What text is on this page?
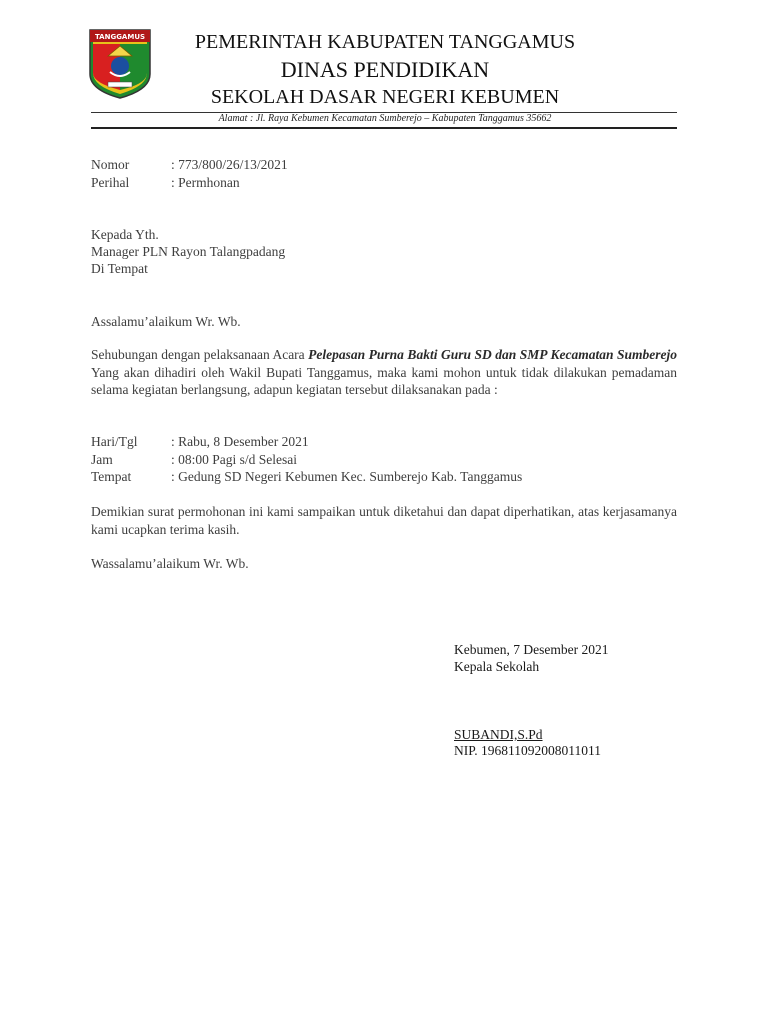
TANGGAMUS	PEMERINTAH KABUPATEN TANGGAMUS
DINAS PENDIDIKAN
SEKOLAH DASAR NEGERI KEBUMEN
Alamat : Jl. Raya Kebumen Kecamatan Sumberejo – Kabupaten Tanggamus 35662
Nomor	: 773/800/26/13/2021
Perihal	: Permhonan
Kepada Yth.
Manager PLN Rayon Talangpadang
Di Tempat
Assalamu’alaikum Wr. Wb.
Sehubungan dengan pelaksanaan Acara Pelepasan Purna Bakti Guru SD dan SMP Kecamatan Sumberejo Yang akan dihadiri oleh Wakil Bupati Tanggamus, maka kami mohon untuk tidak dilakukan pemadaman selama kegiatan berlangsung, adapun kegiatan tersebut dilaksanakan pada :
Hari/Tgl : Rabu, 8 Desember 2021
Jam	: 08:00 Pagi s/d Selesai
Tempat	: Gedung SD Negeri Kebumen Kec. Sumberejo Kab. Tanggamus
Demikian surat permohonan ini kami sampaikan untuk diketahui dan dapat diperhatikan, atas kerjasamanya kami ucapkan terima kasih.
Wassalamu’alaikum Wr. Wb.
Kebumen, 7 Desember 2021
Kepala Sekolah
SUBANDI,S.Pd
NIP. 196811092008011011
